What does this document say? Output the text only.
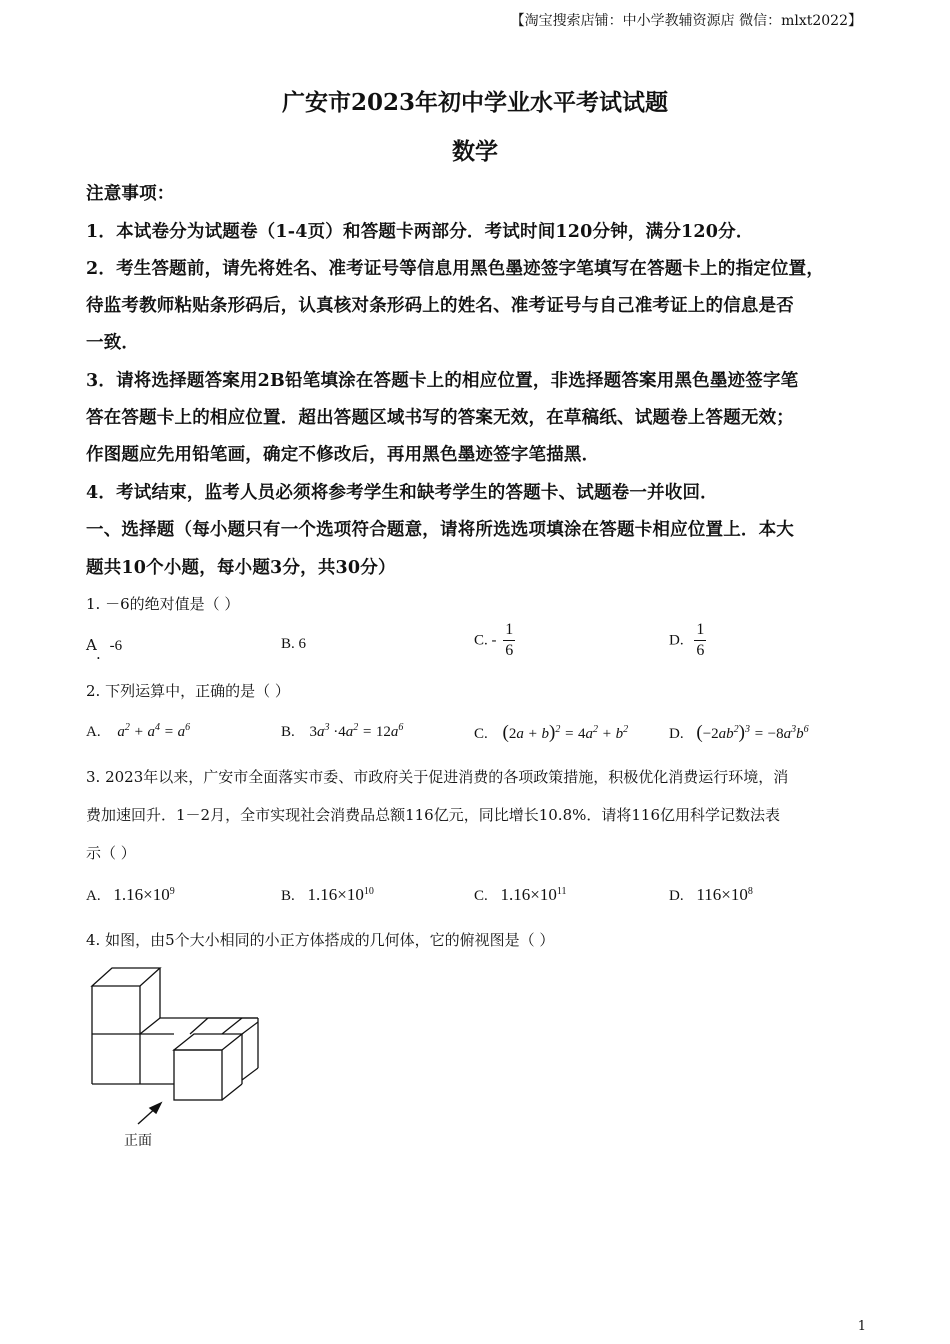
【淘宝搜索店铺：中小学教辅资源店 微信：mlxt2022】
广安市2023年初中学业水平考试试题
数学
注意事项：
1．本试卷分为试题卷（1-4页）和答题卡两部分．考试时间120分钟，满分120分．
2．考生答题前，请先将姓名、准考证号等信息用黑色墨迹签字笔填写在答题卡上的指定位置，
待监考教师粘贴条形码后，认真核对条形码上的姓名、准考证号与自己准考证上的信息是否
一致．
3．请将选择题答案用2B铅笔填涂在答题卡上的相应位置，非选择题答案用黑色墨迹签字笔
答在答题卡上的相应位置．超出答题区域书写的答案无效，在草稿纸、试题卷上答题无效；
作图题应先用铅笔画，确定不修改后，再用黑色墨迹签字笔描黑．
4．考试结束，监考人员必须将参考学生和缺考学生的答题卡、试题卷一并收回．
一、选择题（每小题只有一个选项符合题意，请将所选选项填涂在答题卡相应位置上．本大
题共10个小题，每小题3分，共30分）
1. －6的绝对值是（ ）
A . -6	B. 6	C. - $\frac{1}{6}$	D. $\frac{1}{6}$
2. 下列运算中，正确的是（ ）
A. $a^2 + a^4 = a^6$	B. $3a^3 \cdot 4a^2 = 12a^6$	C. $(2a + b)^2 = 4a^2 + b^2$	D. $(-2ab^2)^3 = -8a^3b^6$
3. 2023年以来，广安市全面落实市委、市政府关于促进消费的各项政策措施，积极优化消费运行环境，消
费加速回升．1－2月，全市实现社会消费品总额116亿元，同比增长10.8%．请将116亿用科学记数法表
示（ ）
A. $1.16\times 10^9$	B. $1.16\times 10^{10}$	C. $1.16\times 10^{11}$	D. $116\times 10^8$
4. 如图，由5个大小相同的小正方体搭成的几何体，它的俯视图是（ ）
正面
1
